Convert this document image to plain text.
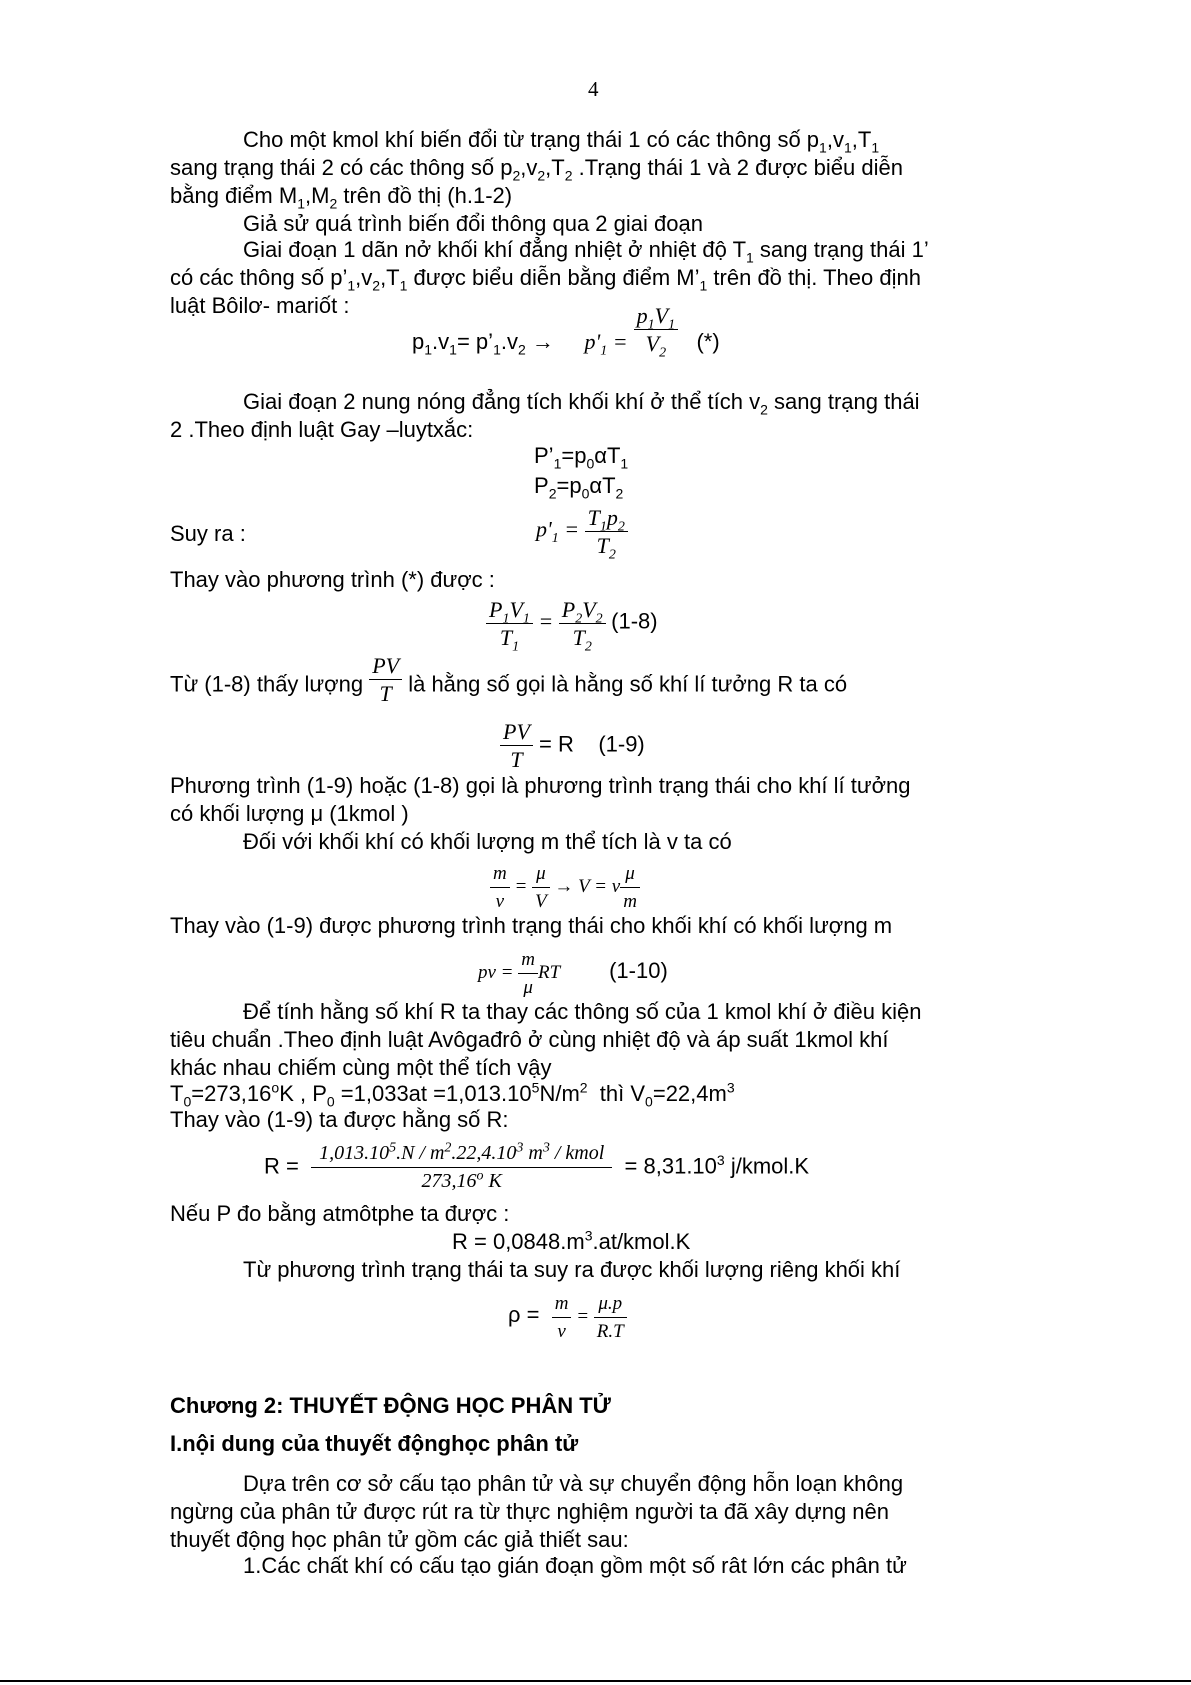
4
Cho một kmol khí biến đổi từ trạng thái 1 có các thông số $p_1,v_1,T_1$
sang trạng thái 2 có các thông số $p_2,v_2,T_2$ .Trạng thái 1 và 2 được biểu diễn
bằng điểm $M_1,M_2$ trên đồ thị (h.1-2)
Giả sử quá trình biến đổi thông qua 2 giai đoạn
Giai đoạn 1 dãn nở khối khí đẳng nhiệt ở nhiệt độ $T_1$ sang trạng thái 1’
có các thông số $p’_1,v_2,T_1$ được biểu diễn bằng điểm $M’_1$ trên đồ thị. Theo định
luật Bôilơ- mariốt :
$p_1.v_1=$ $p’_1.v_2$ →     $p'_1 = \frac{p_1V_1}{V_2}$ (*)
Giai đoạn 2 nung nóng đẳng tích khối khí ở thể tích $v_2$ sang trạng thái
2 .Theo định luật Gay –luytxắc:
$P’_1=p_0\alpha T_1$
$P_2=p_0\alpha T_2$
Suy ra :	$p'_1 = \frac{T_1p_2}{T_2}$
Thay vào phương trình (*) được :
$\frac{P_1V_1}{T_1} = \frac{P_2V_2}{T_2} (1-8)$
Từ (1-8) thấy lượng $\frac{PV}{T}$ là hằng số gọi là hằng số khí lí tưởng R ta có
$\frac{PV}{T} = R$    (1-9)
Phương trình (1-9) hoặc (1-8) gọi là phương trình trạng thái cho khí lí tưởng
có khối lượng μ (1kmol )
Đối với khối khí có khối lượng m thể tích là v ta có
$\frac{m}{v} = \frac{\mu}{V} \to V = v \frac{\mu}{m}$
Thay vào (1-9) được phương trình trạng thái cho khối khí có khối lượng m
pv = $\frac{m}{\mu}$ RT (1-10)
Để tính hằng số khí R ta thay các thông số của 1 kmol khí ở điều kiện
tiêu chuẩn .Theo định luật Avôgađrô ở cùng nhiệt độ và áp suất 1kmol khí
khác nhau chiếm cùng một thể tích vậy
$T_0=273,16^oK$ , $P_0 =1,033at =1,013.10^5N/m^2$  thì $V_0=22,4m^3$
Thay vào (1-9) ta được hằng số R:
$R = \frac{1,013.10^5.N / m^2.22,4.10^3 m^3 / kmol}{273,16^o K} = 8,31.10^3$ j/kmol.K
Nếu P đo bằng atmôtphe ta được :
$R = 0,0848.m^3.at/kmol.K$
Từ phương trình trạng thái ta suy ra được khối lượng riêng khối khí
$\rho = \frac{m}{v} = \frac{\mu.p}{R.T}$
Chương 2: THUYẾT ĐỘNG HỌC PHÂN TỬ
I.nội dung của thuyết độnghọc phân tử
Dựa trên cơ sở cấu tạo phân tử và sự chuyển động hỗn loạn không
ngừng của phân tử được rút ra từ thực nghiệm người ta đã xây dựng nên
thuyết động học phân tử gồm các giả thiết sau:
1.Các chất khí có cấu tạo gián đoạn gồm một số rât lớn các phân tử
